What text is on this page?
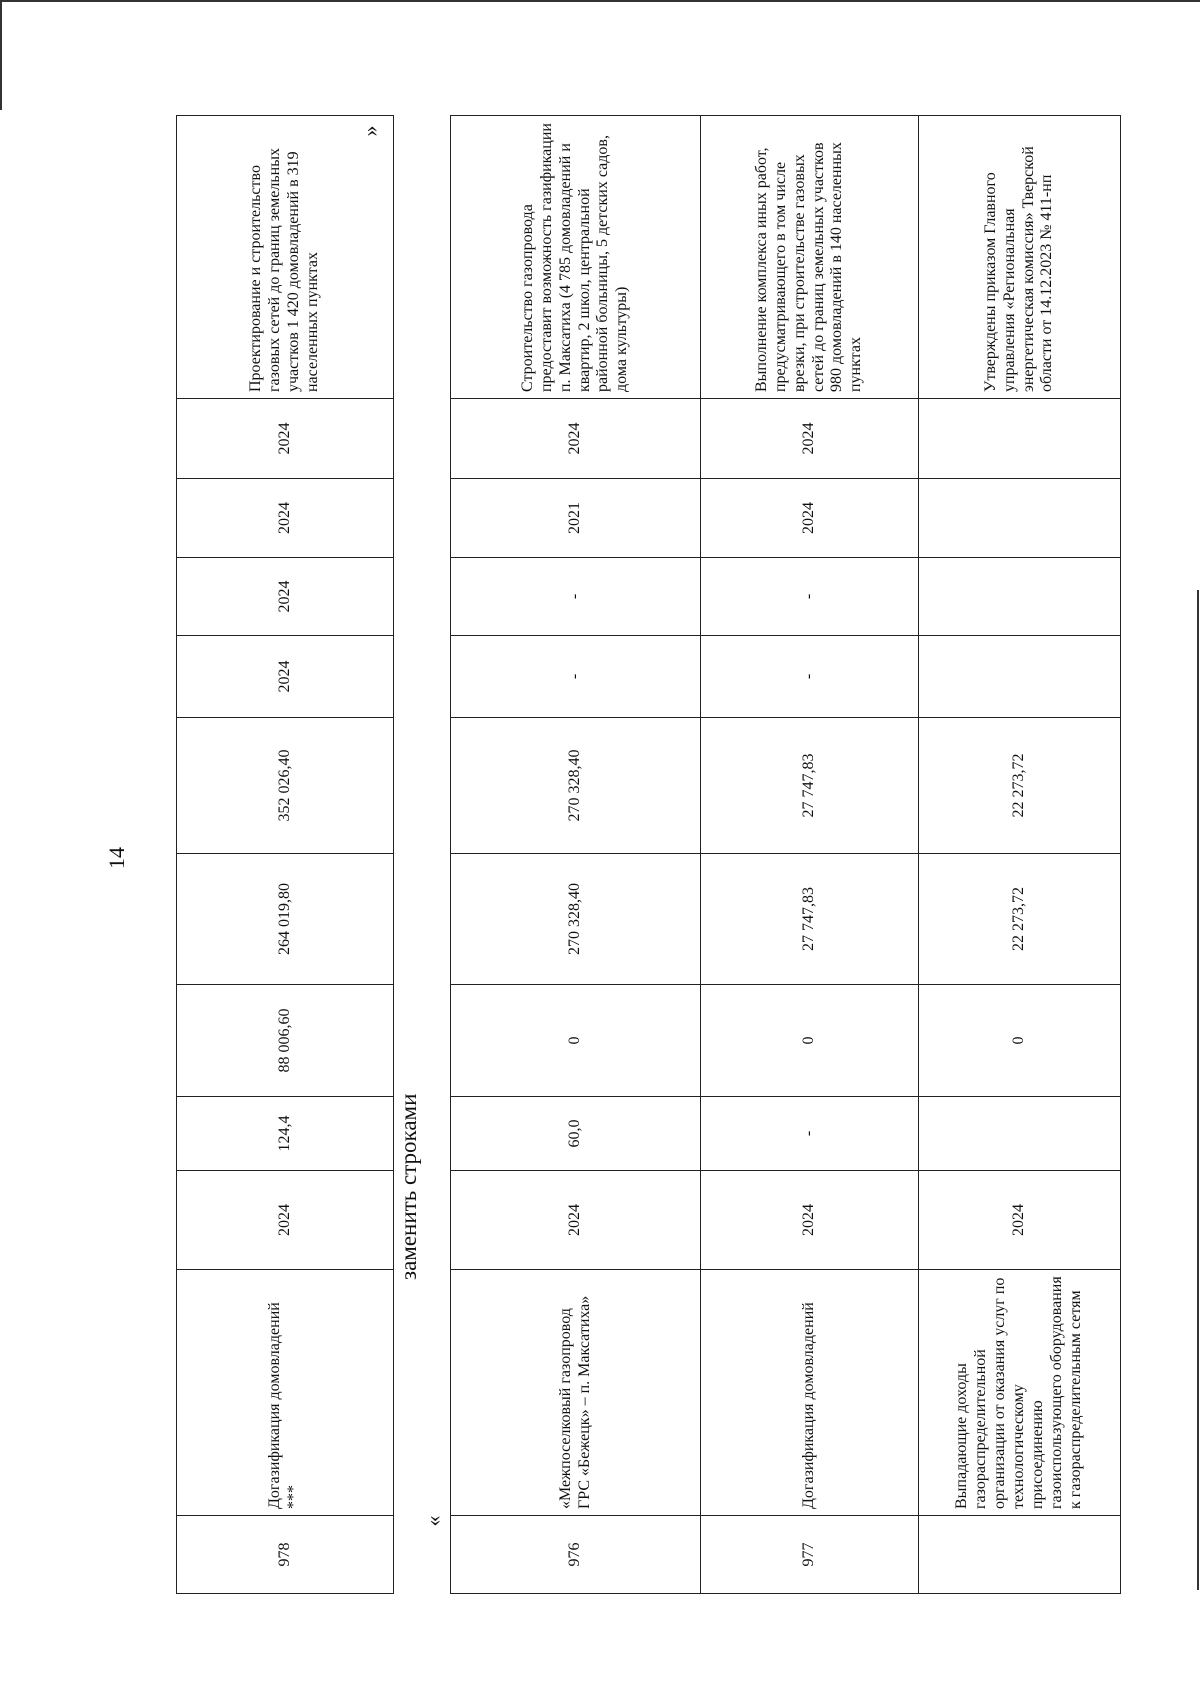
14
978	Догазификация домовладений ***	2024	124,4	88 006,60	264 019,80	352 026,40	2024	2024	2024	2024	Проектирование и строительство газовых сетей до границ земельных участков 1 420 домовладений в 319 населенных пунктах
»
заменить строками
«
976	«Межпоселковый газопровод ГРС «Бежецк» – п. Максатиха»	2024	60,0	0	270 328,40	270 328,40	-	-	2021	2024	Строительство газопровода предоставит возможность газификации п. Максатиха (4 785 домовладений и квартир, 2 школ, центральной районной больницы, 5 детских садов, дома культуры)
977	Догазификация домовладений	2024	-	0	27 747,83	27 747,83	-	-	2024	2024	Выполнение комплекса иных работ, предусматривающего в том числе врезки, при строительстве газовых сетей до границ земельных участков 980 домовладений в 140 населенных пунктах
	Выпадающие доходы газораспределительной организации от оказания услуг по технологическому присоединению газоиспользующего оборудования к газораспределительным сетям	2024		0	22 273,72	22 273,72					Утверждены приказом Главного управления «Региональная энергетическая комиссия» Тверской области от 14.12.2023 № 411-нп
